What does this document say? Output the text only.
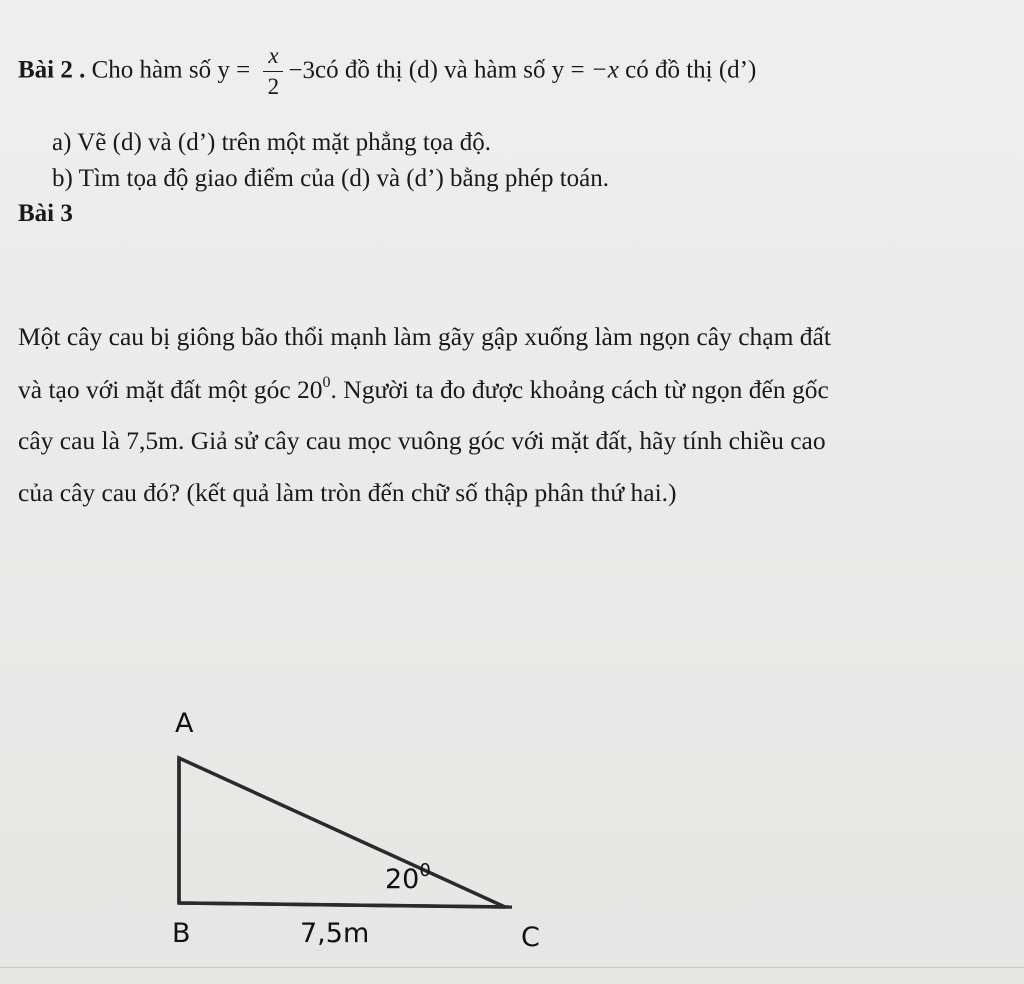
Bài 2 . Cho hàm số $y = \frac{x}{2}$ −3có đồ thị (d) và hàm số y = −x có đồ thị (d’)
a) Vẽ (d) và (d’) trên một mặt phẳng tọa độ.
b) Tìm tọa độ giao điểm của (d) và (d’) bằng phép toán.
Bài 3
Một cây cau bị giông bão thổi mạnh làm gãy gập xuống làm ngọn cây chạm đất
và tạo với mặt đất một góc $20^0$. Người ta đo được khoảng cách từ ngọn đến gốc
cây cau là 7,5m. Giả sử cây cau mọc vuông góc với mặt đất, hãy tính chiều cao
của cây cau đó? (kết quả làm tròn đến chữ số thập phân thứ hai.)
A
B	C
7,5m
$20^0$
